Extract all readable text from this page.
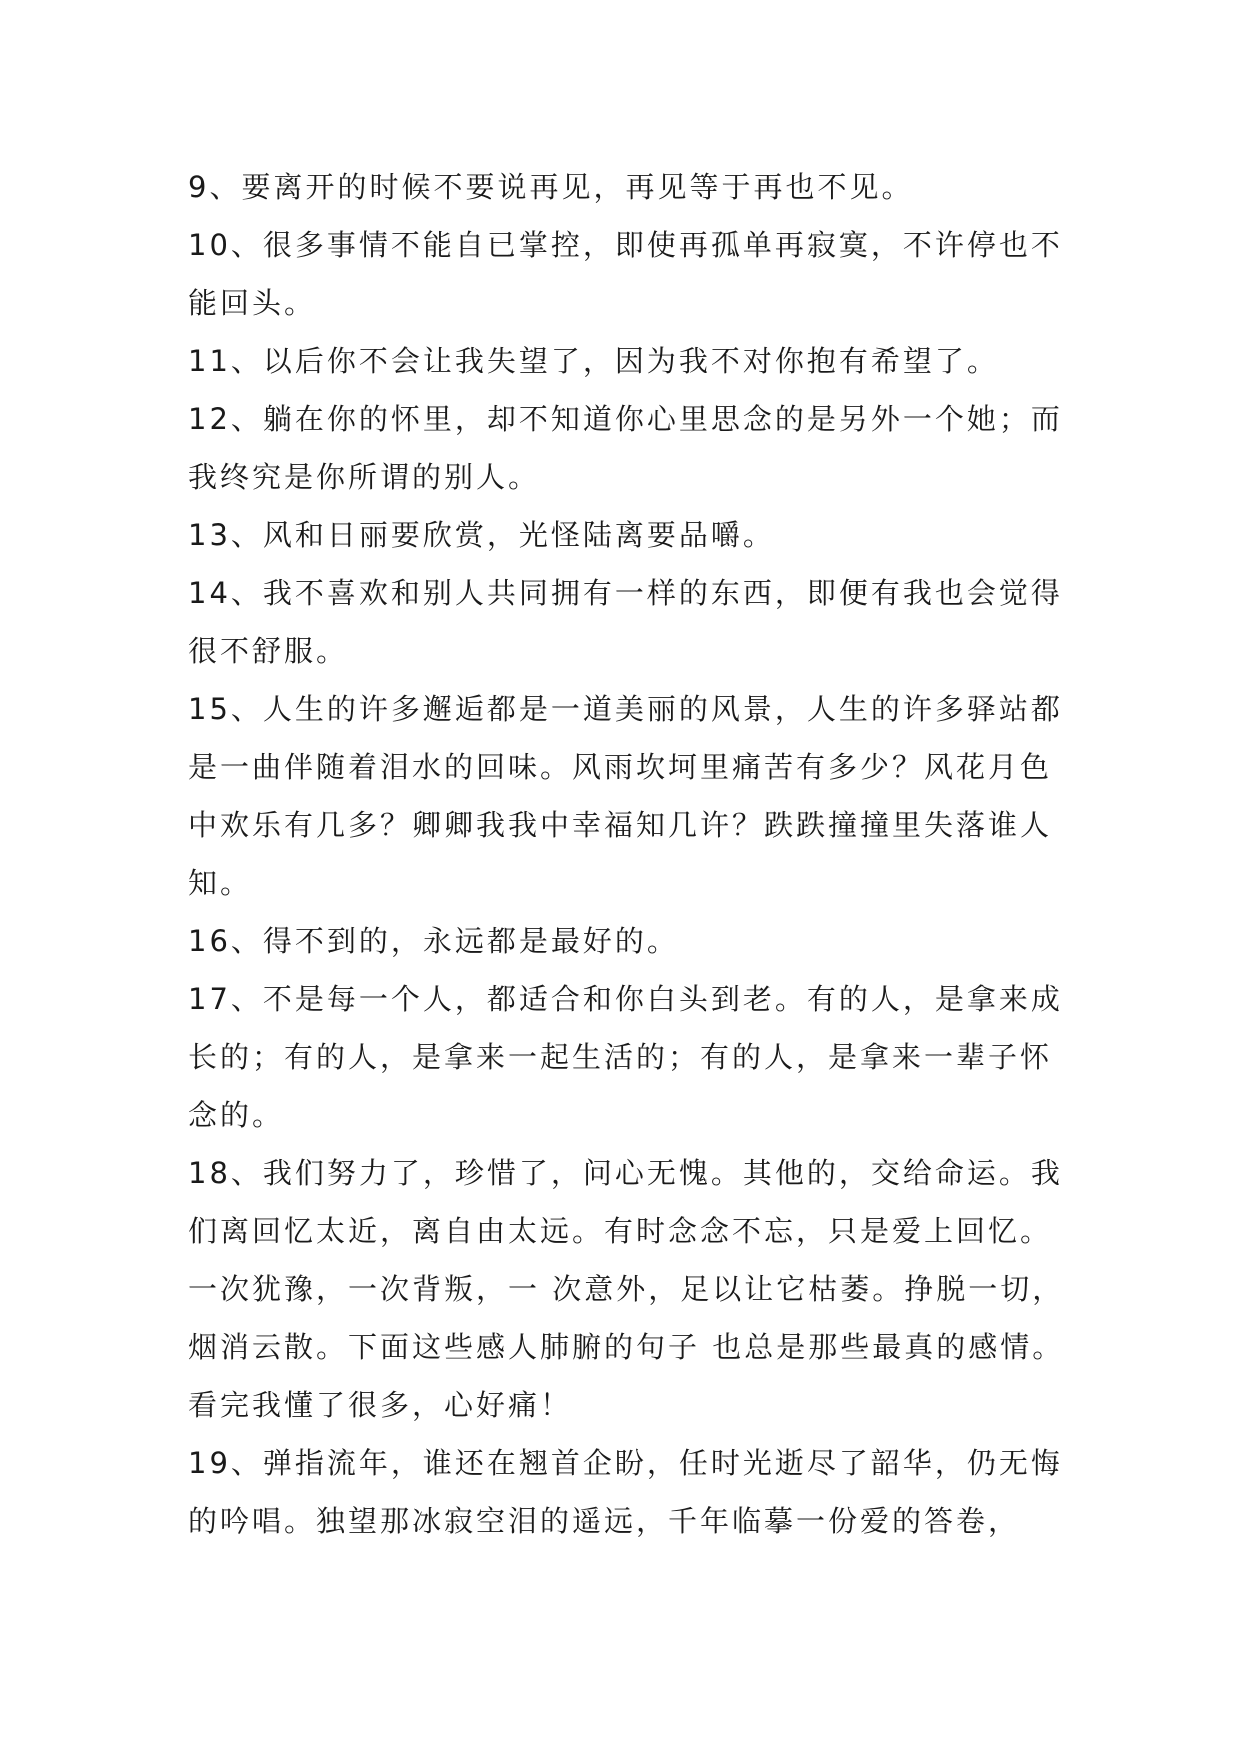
9、要离开的时候不要说再见，再见等于再也不见。

10、很多事情不能自已掌控，即使再孤单再寂寞，不许停也不能回头。

11、以后你不会让我失望了，因为我不对你抱有希望了。

12、躺在你的怀里，却不知道你心里思念的是另外一个她；而我终究是你所谓的别人。

13、风和日丽要欣赏，光怪陆离要品嚼。

14、我不喜欢和别人共同拥有一样的东西，即便有我也会觉得很不舒服。

15、人生的许多邂逅都是一道美丽的风景，人生的许多驿站都是一曲伴随着泪水的回味。风雨坎坷里痛苦有多少？风花月色中欢乐有几多？卿卿我我中幸福知几许？跌跌撞撞里失落谁人知。

16、得不到的，永远都是最好的。

17、不是每一个人，都适合和你白头到老。有的人，是拿来成长的；有的人，是拿来一起生活的；有的人，是拿来一辈子怀念的。

18、我们努力了，珍惜了，问心无愧。其他的，交给命运。我们离回忆太近，离自由太远。有时念念不忘，只是爱上回忆。一次犹豫，一次背叛，一 次意外，足以让它枯萎。挣脱一切，烟消云散。下面这些感人肺腑的句子 也总是那些最真的感情。看完我懂了很多，心好痛！

19、弹指流年，谁还在翘首企盼，任时光逝尽了韶华，仍无悔的吟唱。独望那冰寂空泪的遥远，千年临摹一份爱的答卷，
